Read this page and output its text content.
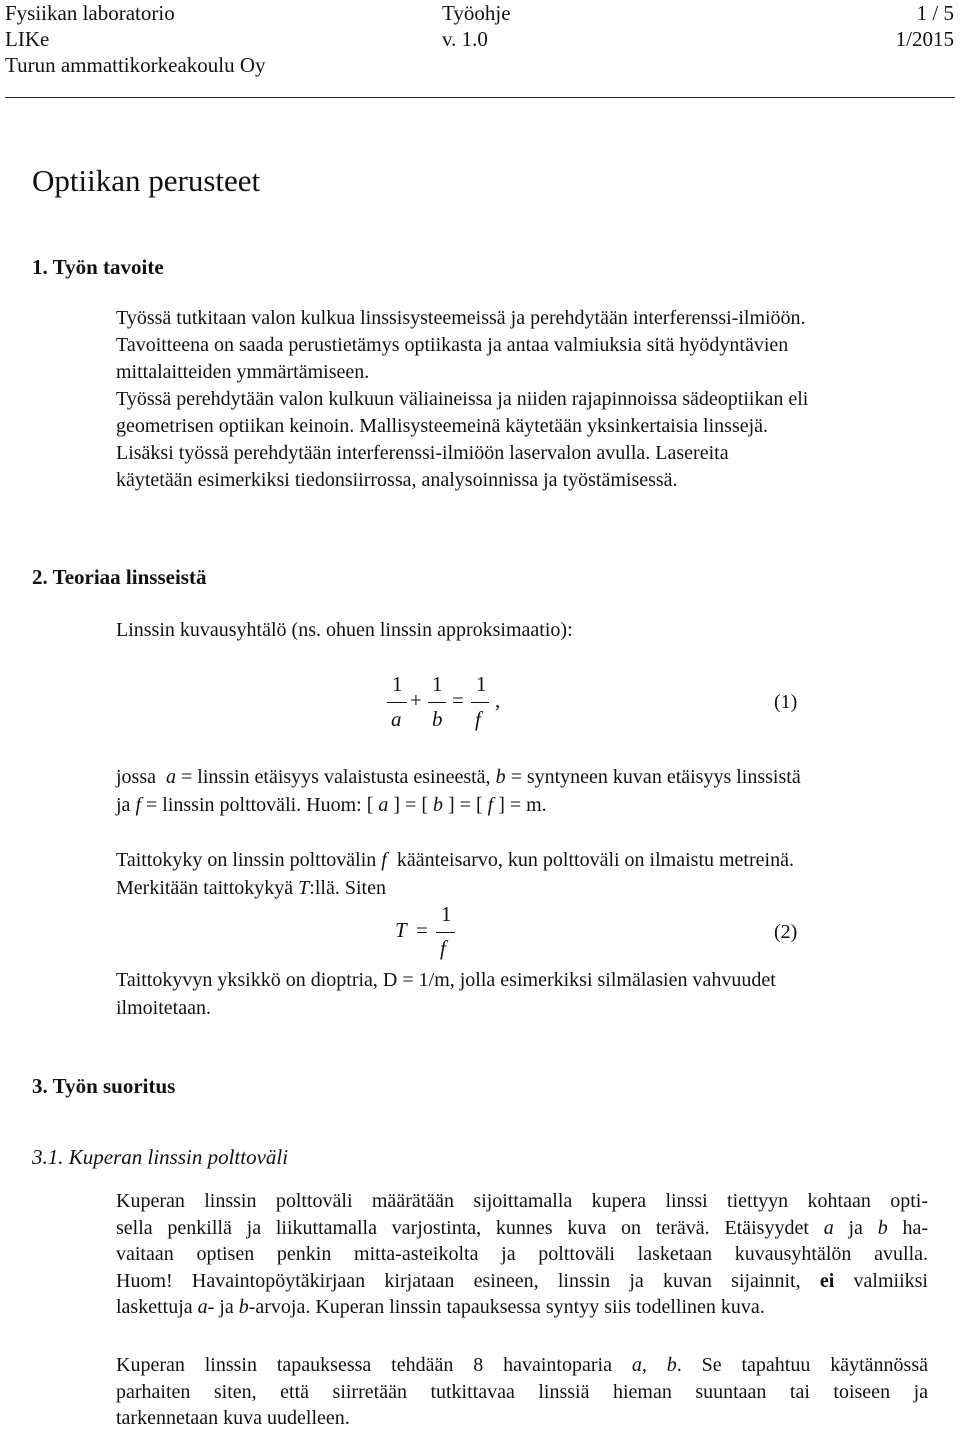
Fysiikan laboratorio
LIKe
Turun ammattikorkeakoulu Oy
Työohje
v. 1.0
1 / 5
1/2015
Optiikan perusteet
1. Työn tavoite
Työssä tutkitaan valon kulkua linssisysteemeissä ja perehdytään interferenssi-ilmiöön.
Tavoitteena on saada perustietämys optiikasta ja antaa valmiuksia sitä hyödyntävien
mittalaitteiden ymmärtämiseen.
Työssä perehdytään valon kulkuun väliaineissa ja niiden rajapinnoissa sädeoptiikan eli
geometrisen optiikan keinoin. Mallisysteemeinä käytetään yksinkertaisia linssejä.
Lisäksi työssä perehdytään interferenssi-ilmiöön laservalon avulla. Lasereita
käytetään esimerkiksi tiedonsiirrossa, analysoinnissa ja työstämisessä.
2. Teoriaa linsseistä
Linssin kuvausyhtälö (ns. ohuen linssin approksimaatio):
1
a
+
1
b
=
1
f
,	(1)
jossa a = linssin etäisyys valaistusta esineestä, b = syntyneen kuvan etäisyys linssistä
ja f = linssin polttoväli. Huom: [ a ] = [ b ] = [ f ] = m.
Taittokyky on linssin polttovälin f käänteisarvo, kun polttoväli on ilmaistu metreinä.
Merkitään taittokykyä T:llä. Siten
T =
1
f
(2)
Taittokyvyn yksikkö on dioptria, D = 1/m, jolla esimerkiksi silmälasien vahvuudet
ilmoitetaan.
3. Työn suoritus
3.1. Kuperan linssin polttoväli
Kuperan linssin polttoväli määrätään sijoittamalla kupera linssi tiettyyn kohtaan opti-
sella penkillä ja liikuttamalla varjostinta, kunnes kuva on terävä. Etäisyydet a ja b ha-
vaitaan optisen penkin mitta-asteikolta ja polttoväli lasketaan kuvausyhtälön avulla.
Huom! Havaintopöytäkirjaan kirjataan esineen, linssin ja kuvan sijainnit, ei valmiiksi
laskettuja a- ja b-arvoja. Kuperan linssin tapauksessa syntyy siis todellinen kuva.
Kuperan linssin tapauksessa tehdään 8 havaintoparia a, b. Se tapahtuu käytännössä
parhaiten siten, että siirretään tutkittavaa linssiä hieman suuntaan tai toiseen ja
tarkennetaan kuva uudelleen.
